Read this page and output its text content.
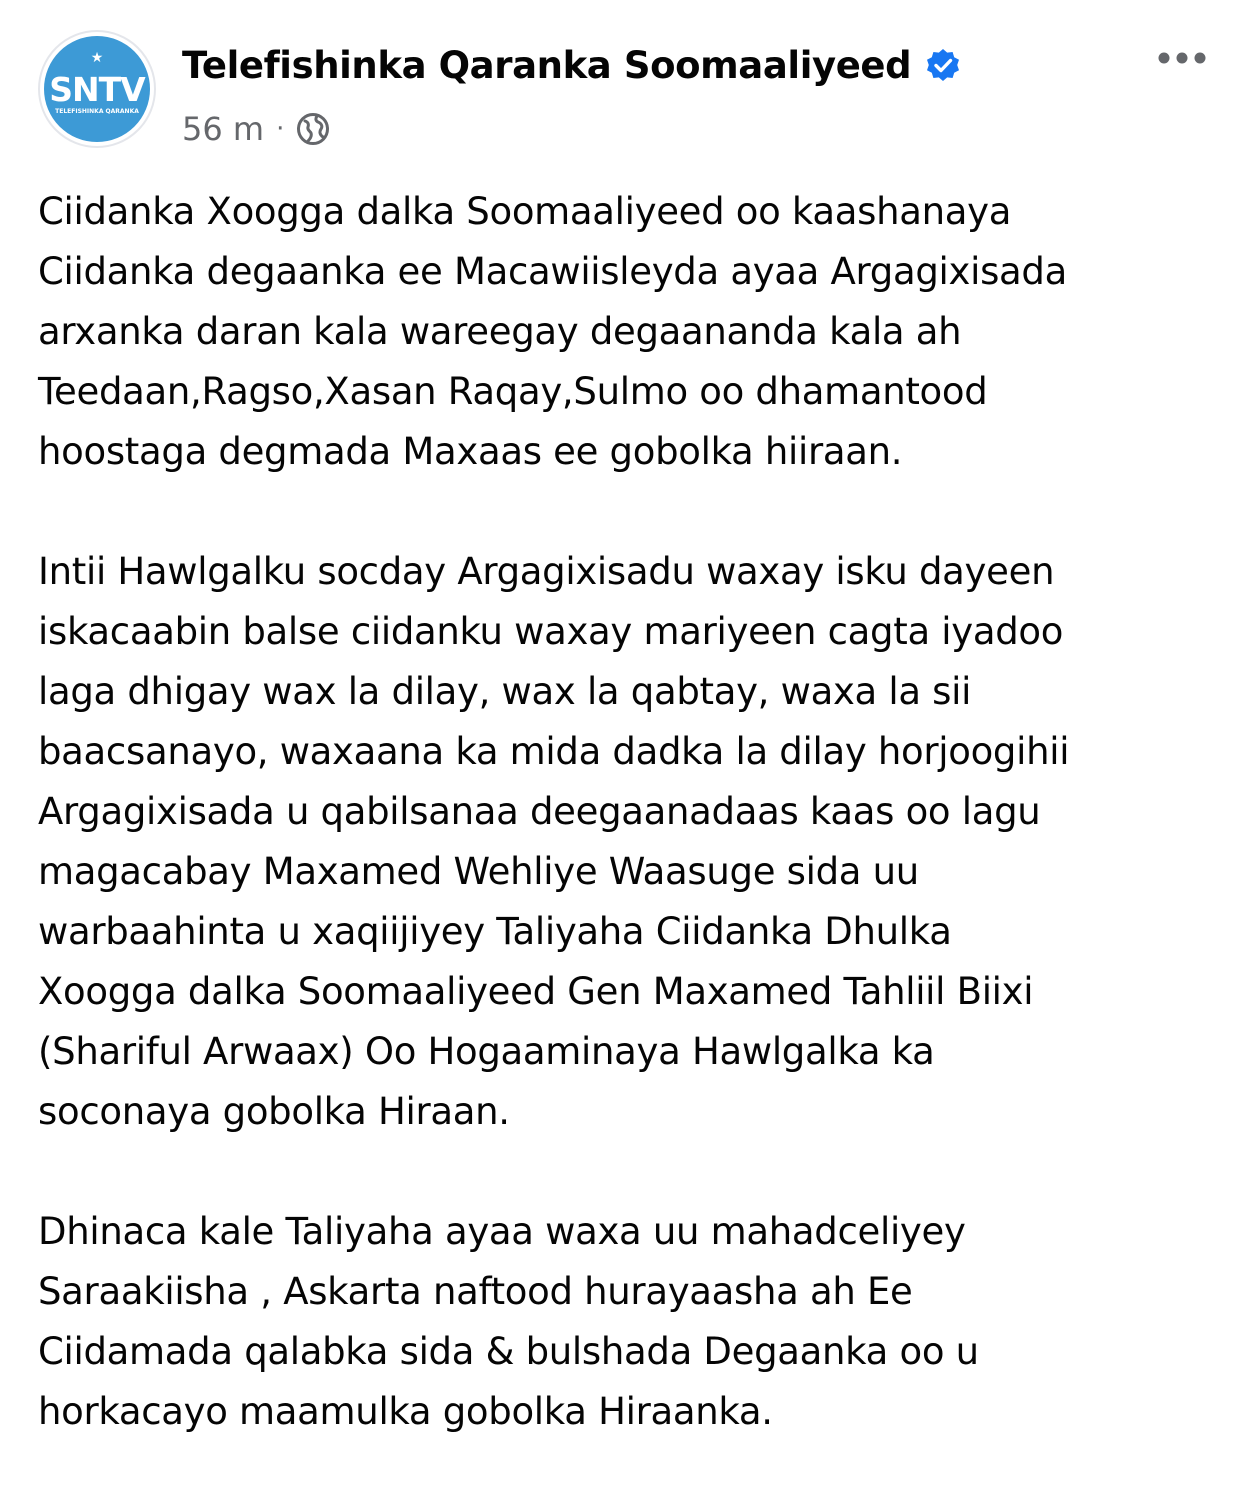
★
SNTV
TELEFISHINKA QARANKA
Telefishinka Qaranka Soomaaliyeed
56 m ·

Ciidanka Xoogga dalka Soomaaliyeed oo kaashanaya
Ciidanka degaanka ee Macawiisleyda ayaa Argagixisada
arxanka daran kala wareegay degaananda kala ah
Teedaan,Ragso,Xasan Raqay,Sulmo oo dhamantood
hoostaga degmada Maxaas ee gobolka hiiraan.

Intii Hawlgalku socday Argagixisadu waxay isku dayeen
iskacaabin balse ciidanku waxay mariyeen cagta iyadoo
laga dhigay wax la dilay, wax la qabtay, waxa la sii
baacsanayo, waxaana ka mida dadka la dilay horjoogihii
Argagixisada u qabilsanaa deegaanadaas kaas oo lagu
magacabay Maxamed Wehliye Waasuge sida uu
warbaahinta u xaqiijiyey Taliyaha Ciidanka Dhulka
Xoogga dalka Soomaaliyeed Gen Maxamed Tahliil Biixi
(Shariful Arwaax) Oo Hogaaminaya Hawlgalka ka
soconaya gobolka Hiraan.

Dhinaca kale Taliyaha ayaa waxa uu mahadceliyey
Saraakiisha , Askarta naftood hurayaasha ah Ee
Ciidamada qalabka sida & bulshada Degaanka oo u
horkacayo maamulka gobolka Hiraanka.
